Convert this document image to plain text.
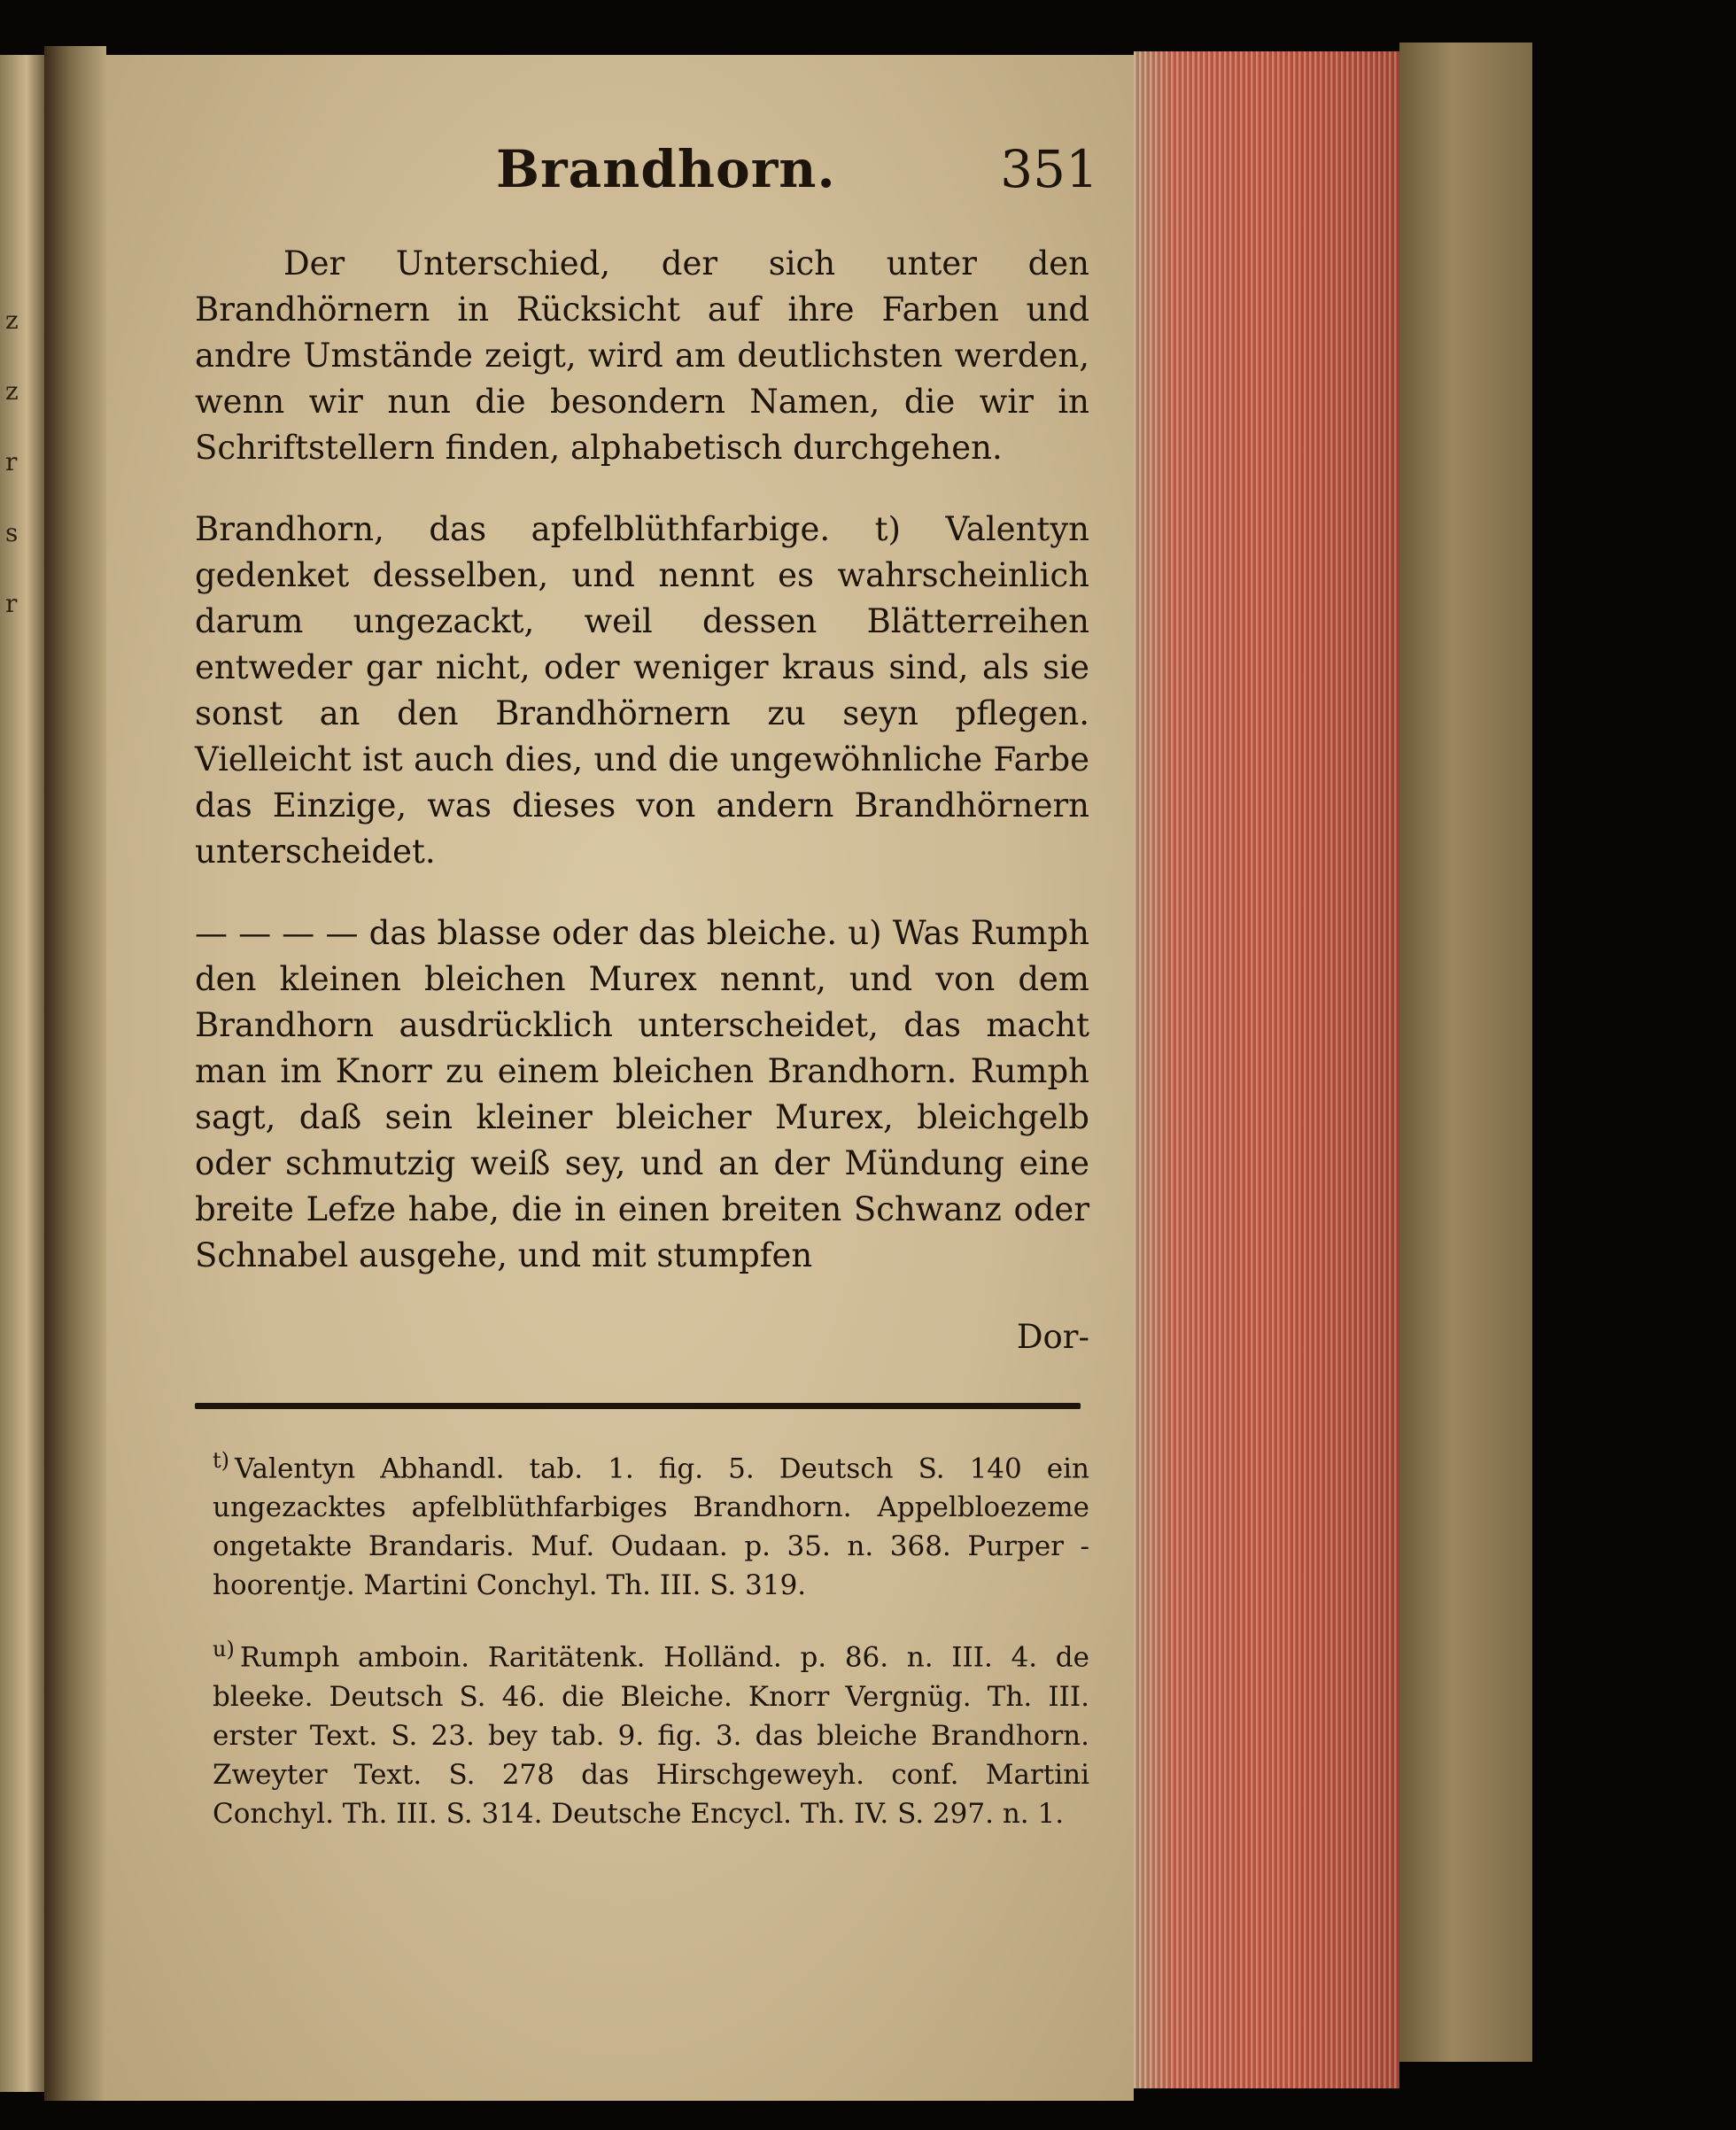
z
z
r
s
r
Brandhorn.	351

Der Unterschied, der sich unter den Brandhörnern in Rücksicht auf ihre Farben und andre Umstände zeigt, wird am deutlichsten werden, wenn wir nun die besondern Namen, die wir in Schriftstellern finden, alphabetisch durchgehen.

Brandhorn, das apfelblüthfarbige. t) Valentyn gedenket desselben, und nennt es wahrscheinlich darum ungezackt, weil dessen Blätterreihen entweder gar nicht, oder weniger kraus sind, als sie sonst an den Brandhörnern zu seyn pflegen. Vielleicht ist auch dies, und die ungewöhnliche Farbe das Einzige, was dieses von andern Brandhörnern unterscheidet.

— — — — das blasse oder das bleiche. u) Was Rumph den kleinen bleichen Murex nennt, und von dem Brandhorn ausdrücklich unterscheidet, das macht man im Knorr zu einem bleichen Brandhorn. Rumph sagt, daß sein kleiner bleicher Murex, bleichgelb oder schmutzig weiß sey, und an der Mündung eine breite Lefze habe, die in einen breiten Schwanz oder Schnabel ausgehe, und mit stumpfen

Dor-

$^{t)}$ Valentyn Abhandl. tab. 1. fig. 5. Deutsch S. 140 ein ungezacktes apfelblüthfarbiges Brandhorn. Appelbloezeme ongetakte Brandaris. Muf. Oudaan. p. 35. n. 368. Purper - hoorentje. Martini Conchyl. Th. III. S. 319.

$^{u)}$ Rumph amboin. Raritätenk. Holländ. p. 86. n. III. 4. de bleeke. Deutsch S. 46. die Bleiche. Knorr Vergnüg. Th. III. erster Text. S. 23. bey tab. 9. fig. 3. das bleiche Brandhorn. Zweyter Text. S. 278 das Hirschgeweyh. conf. Martini Conchyl. Th. III. S. 314. Deutsche Encycl. Th. IV. S. 297. n. 1.
